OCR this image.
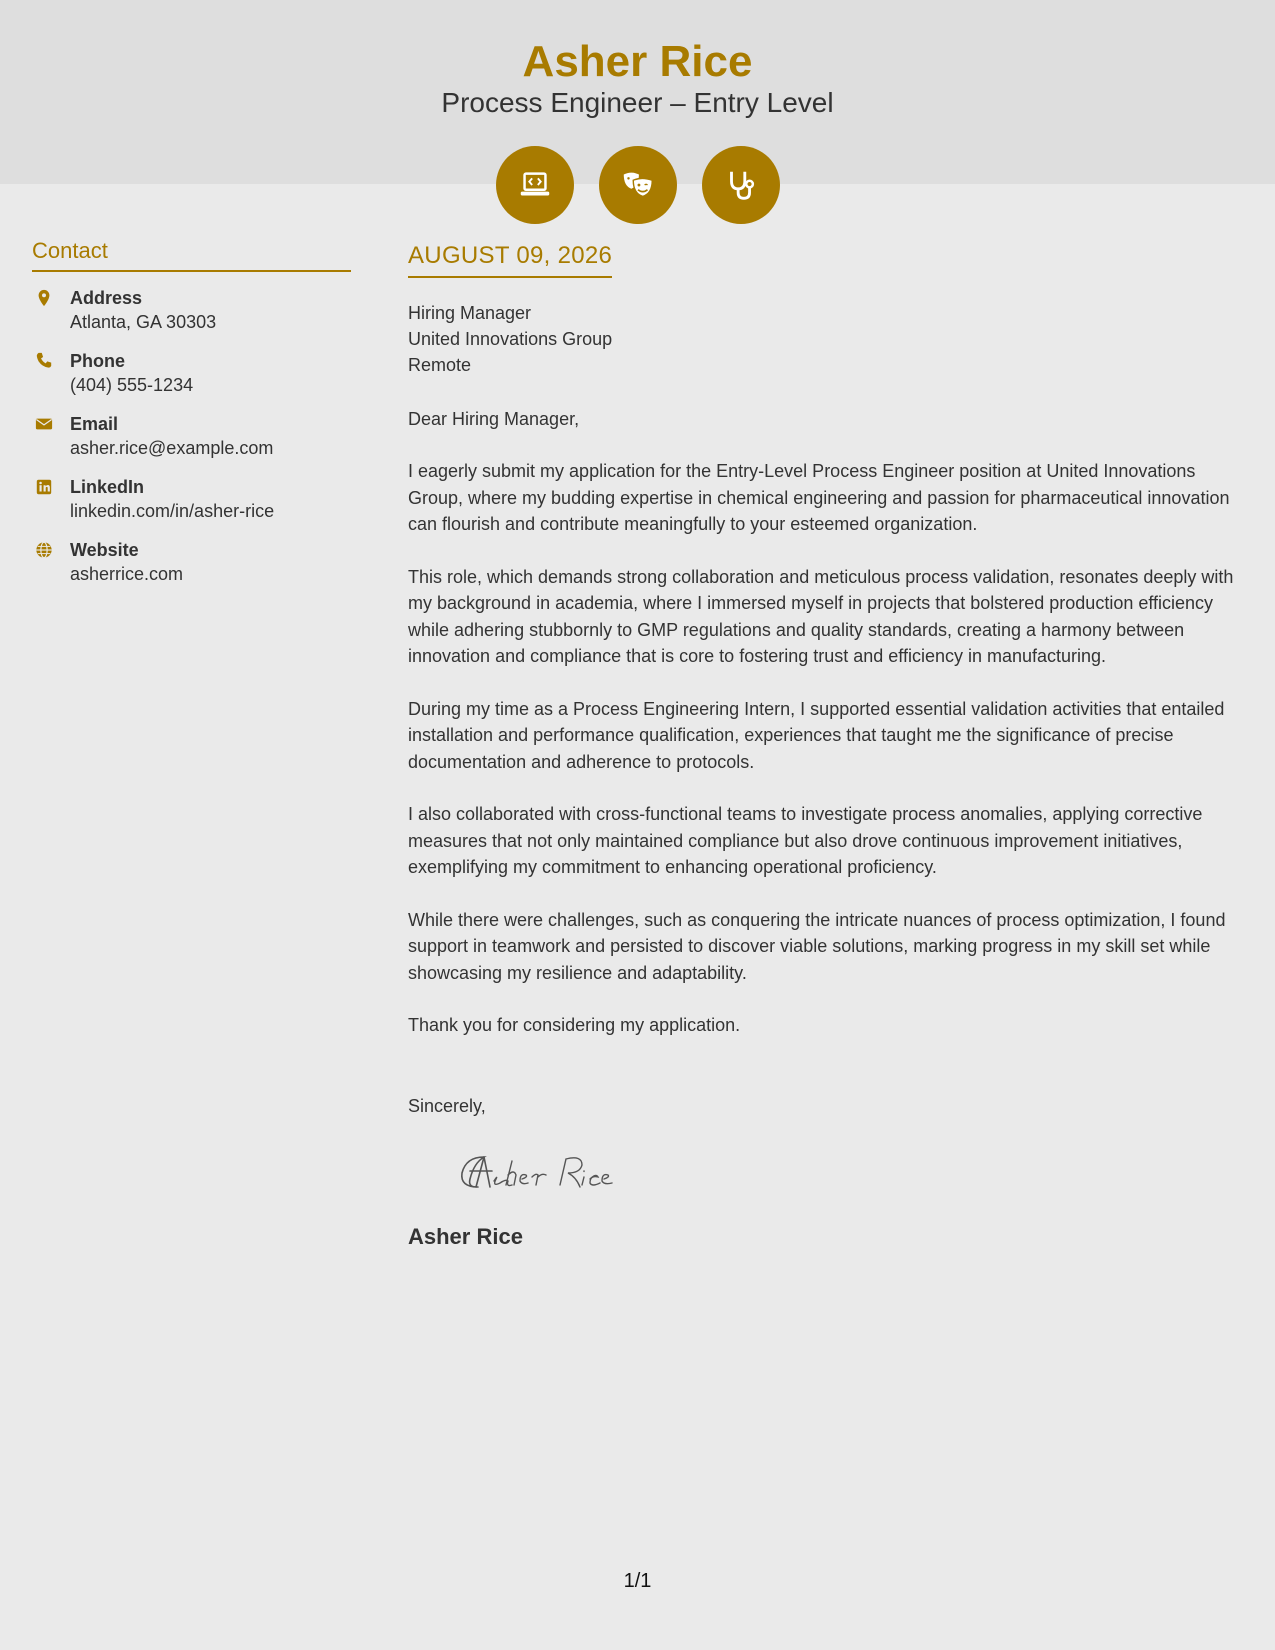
Asher Rice
Process Engineer – Entry Level
Contact
Address
Atlanta, GA 30303
Phone
(404) 555-1234
Email
asher.rice@example.com
LinkedIn
linkedin.com/in/asher-rice
Website
asherrice.com
AUGUST 09, 2026
Hiring Manager
United Innovations Group
Remote
Dear Hiring Manager,

I eagerly submit my application for the Entry-Level Process Engineer position at United Innovations Group, where my budding expertise in chemical engineering and passion for pharmaceutical innovation can flourish and contribute meaningfully to your esteemed organization.

This role, which demands strong collaboration and meticulous process validation, resonates deeply with my background in academia, where I immersed myself in projects that bolstered production efficiency while adhering stubbornly to GMP regulations and quality standards, creating a harmony between innovation and compliance that is core to fostering trust and efficiency in manufacturing.

During my time as a Process Engineering Intern, I supported essential validation activities that entailed installation and performance qualification, experiences that taught me the significance of precise documentation and adherence to protocols.

I also collaborated with cross-functional teams to investigate process anomalies, applying corrective measures that not only maintained compliance but also drove continuous improvement initiatives, exemplifying my commitment to enhancing operational proficiency.

While there were challenges, such as conquering the intricate nuances of process optimization, I found support in teamwork and persisted to discover viable solutions, marking progress in my skill set while showcasing my resilience and adaptability.

Thank you for considering my application.

Sincerely,
Asher Rice
1/1
